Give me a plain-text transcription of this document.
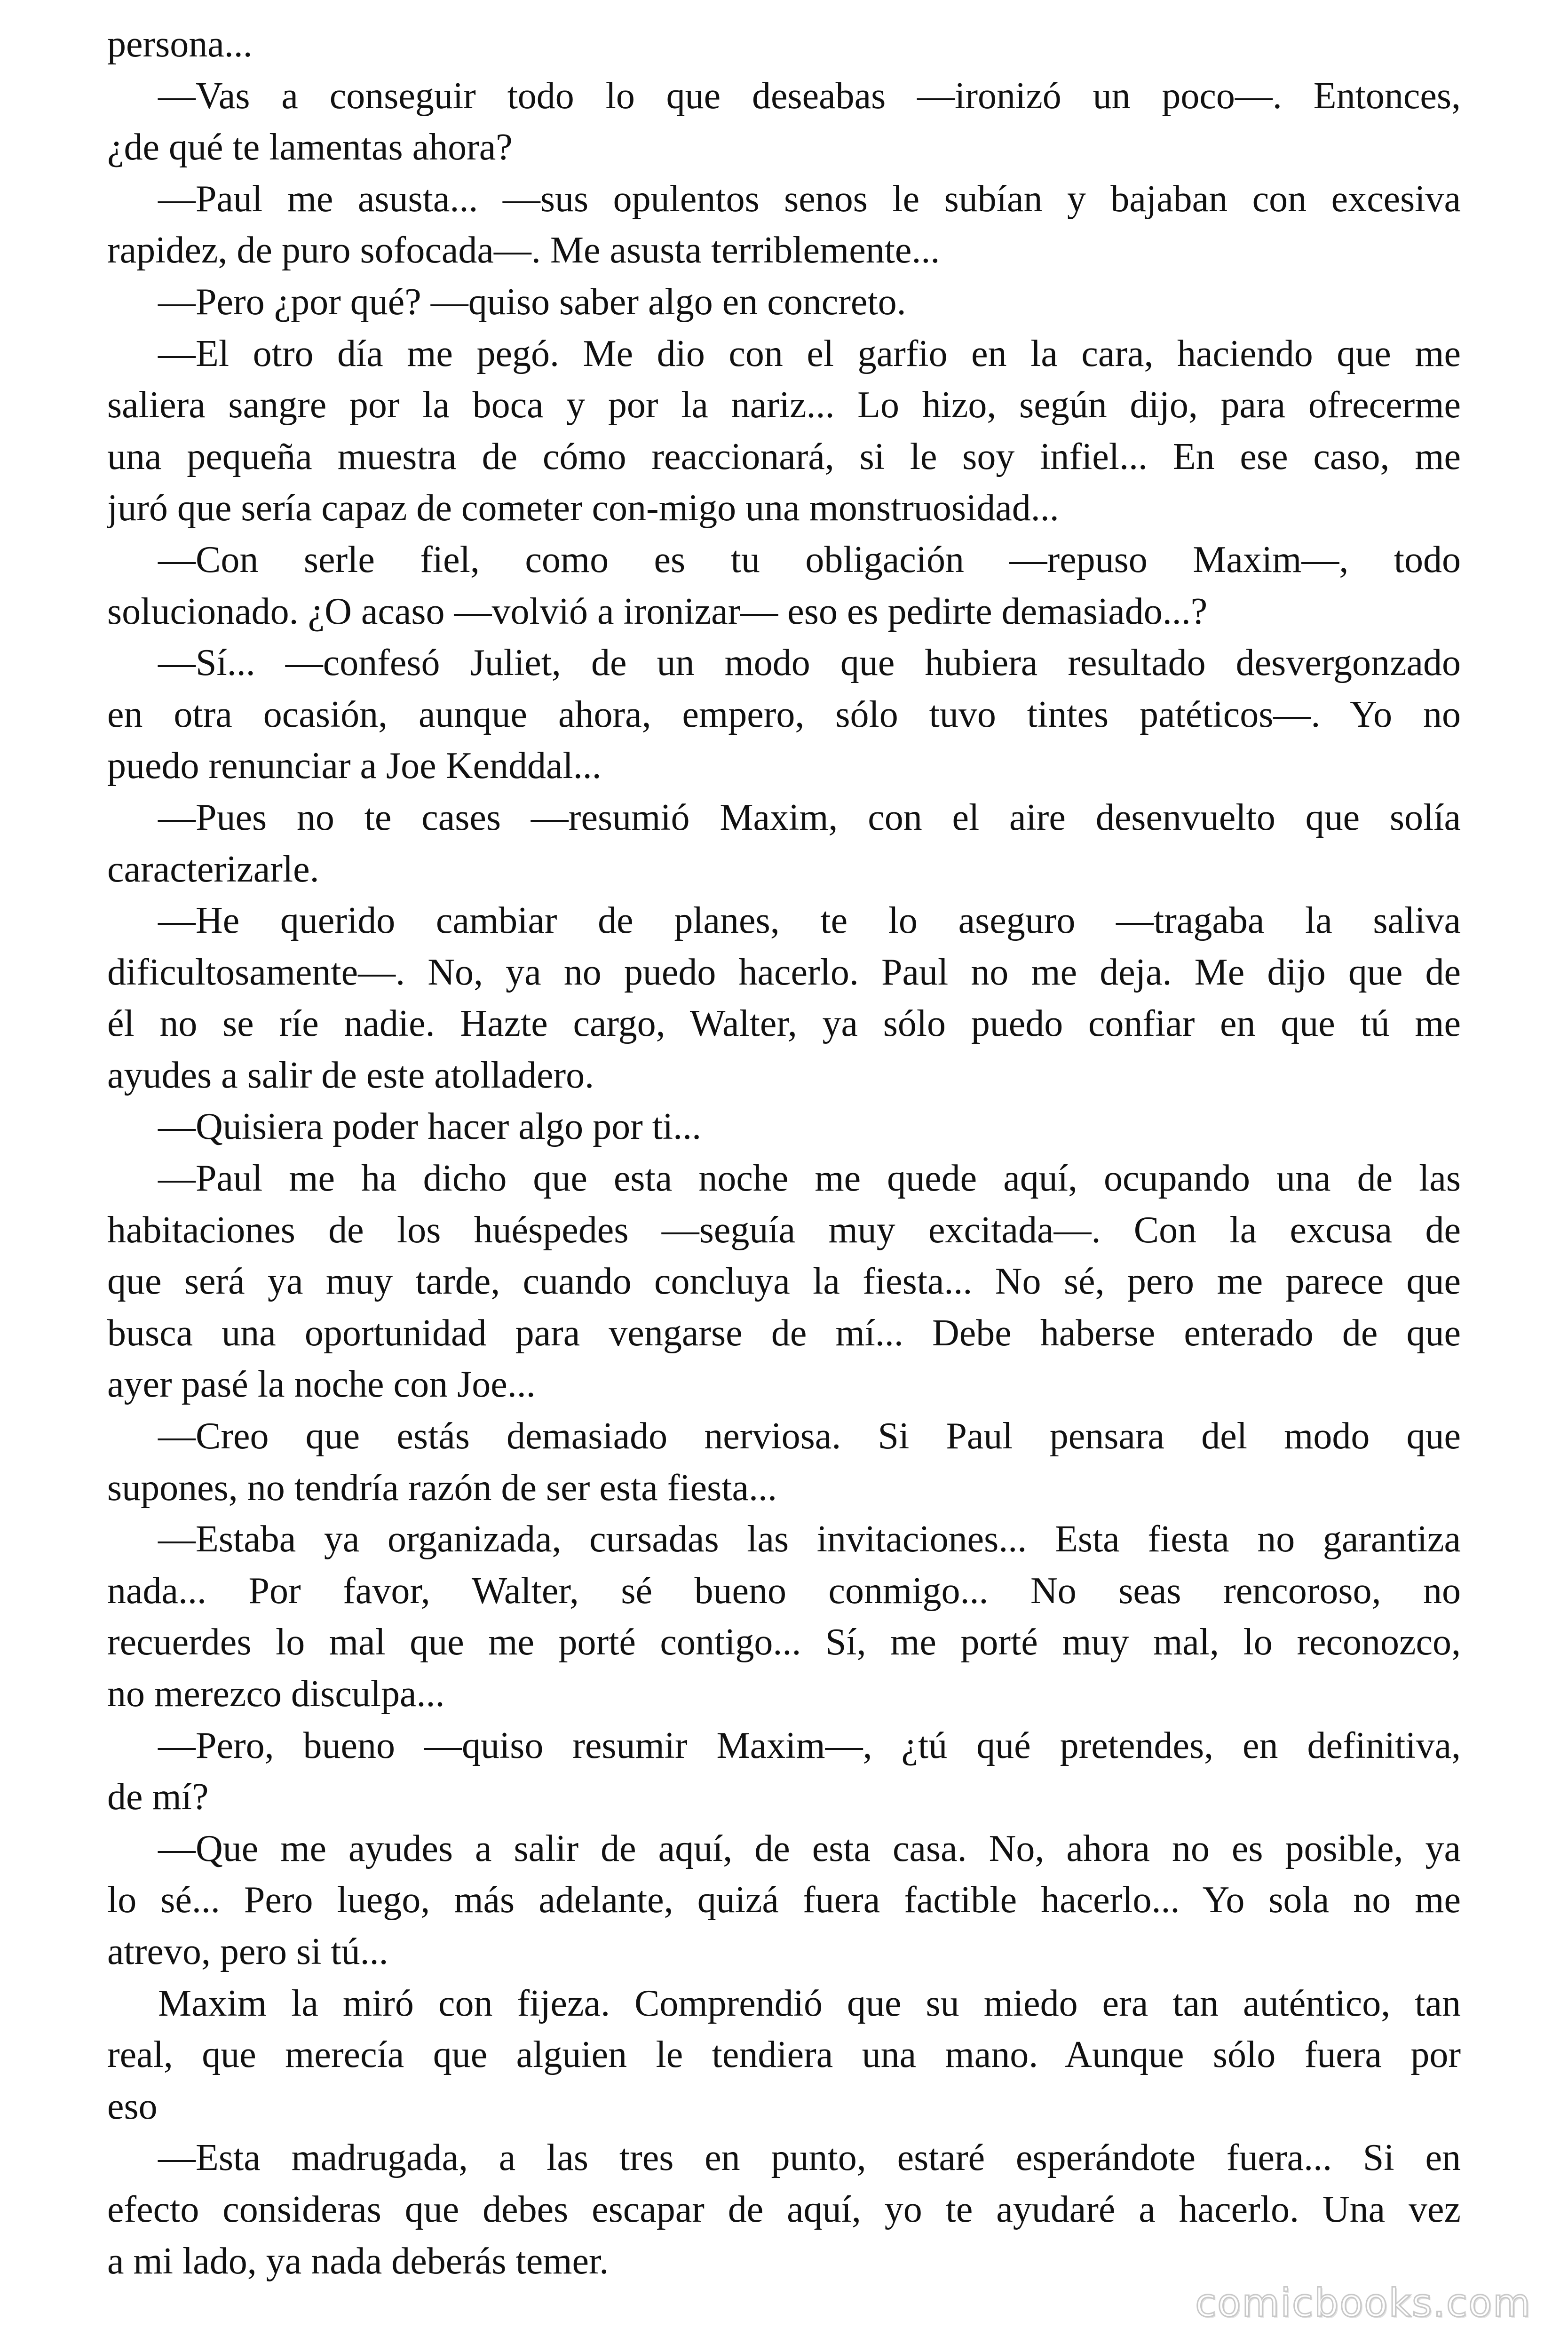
persona...
—Vas a conseguir todo lo que deseabas —ironizó un poco—. Entonces,
¿de qué te lamentas ahora?
—Paul me asusta... —sus opulentos senos le subían y bajaban con excesiva
rapidez, de puro sofocada—. Me asusta terriblemente...
—Pero ¿por qué? —quiso saber algo en concreto.
—El otro día me pegó. Me dio con el garfio en la cara, haciendo que me
saliera sangre por la boca y por la nariz... Lo hizo, según dijo, para ofrecerme
una pequeña muestra de cómo reaccionará, si le soy infiel... En ese caso, me
juró que sería capaz de cometer con-migo una monstruosidad...
—Con serle fiel, como es tu obligación —repuso Maxim—, todo
solucionado. ¿O acaso —volvió a ironizar— eso es pedirte demasiado...?
—Sí... —confesó Juliet, de un modo que hubiera resultado desvergonzado
en otra ocasión, aunque ahora, empero, sólo tuvo tintes patéticos—. Yo no
puedo renunciar a Joe Kenddal...
—Pues no te cases —resumió Maxim, con el aire desenvuelto que solía
caracterizarle.
—He querido cambiar de planes, te lo aseguro —tragaba la saliva
dificultosamente—. No, ya no puedo hacerlo. Paul no me deja. Me dijo que de
él no se ríe nadie. Hazte cargo, Walter, ya sólo puedo confiar en que tú me
ayudes a salir de este atolladero.
—Quisiera poder hacer algo por ti...
—Paul me ha dicho que esta noche me quede aquí, ocupando una de las
habitaciones de los huéspedes —seguía muy excitada—. Con la excusa de
que será ya muy tarde, cuando concluya la fiesta... No sé, pero me parece que
busca una oportunidad para vengarse de mí... Debe haberse enterado de que
ayer pasé la noche con Joe...
—Creo que estás demasiado nerviosa. Si Paul pensara del modo que
supones, no tendría razón de ser esta fiesta...
—Estaba ya organizada, cursadas las invitaciones... Esta fiesta no garantiza
nada... Por favor, Walter, sé bueno conmigo... No seas rencoroso, no
recuerdes lo mal que me porté contigo... Sí, me porté muy mal, lo reconozco,
no merezco disculpa...
—Pero, bueno —quiso resumir Maxim—, ¿tú qué pretendes, en definitiva,
de mí?
—Que me ayudes a salir de aquí, de esta casa. No, ahora no es posible, ya
lo sé... Pero luego, más adelante, quizá fuera factible hacerlo... Yo sola no me
atrevo, pero si tú...
Maxim la miró con fijeza. Comprendió que su miedo era tan auténtico, tan
real, que merecía que alguien le tendiera una mano. Aunque sólo fuera por
eso
—Esta madrugada, a las tres en punto, estaré esperándote fuera... Si en
efecto consideras que debes escapar de aquí, yo te ayudaré a hacerlo. Una vez
a mi lado, ya nada deberás temer.
comicbooks.com
